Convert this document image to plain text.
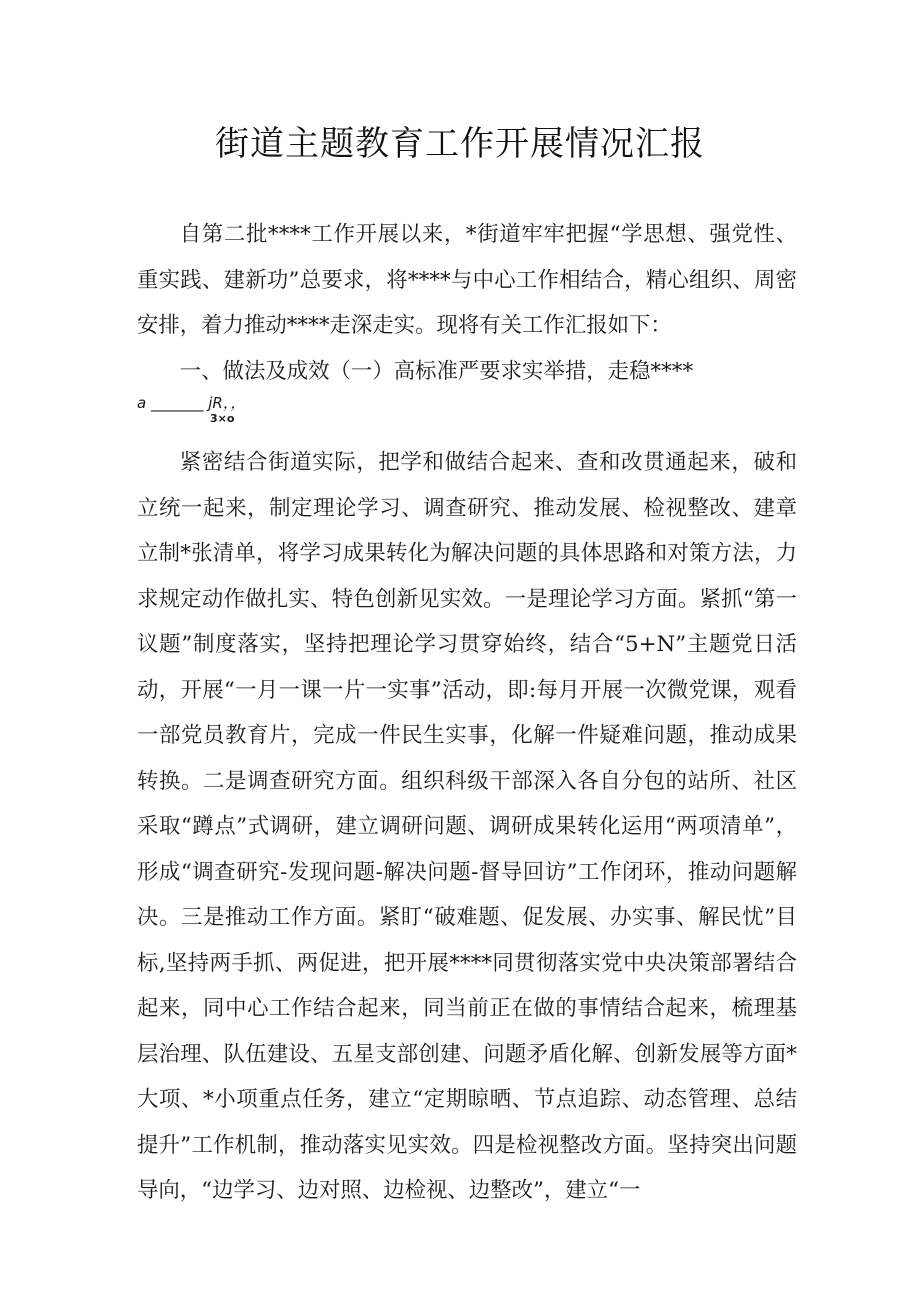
街道主题教育工作开展情况汇报

自第二批****工作开展以来，*街道牢牢把握“学思想、强党性、重实践、建新功”总要求，将****与中心工作相结合，精心组织、周密安排，着力推动****走深走实。现将有关工作汇报如下：

一、做法及成效（一）高标准严要求实举措，走稳****

a _______ jR，，
3×o

紧密结合街道实际，把学和做结合起来、查和改贯通起来，破和立统一起来，制定理论学习、调查研究、推动发展、检视整改、建章立制*张清单，将学习成果转化为解决问题的具体思路和对策方法，力求规定动作做扎实、特色创新见实效。一是理论学习方面。紧抓“第一议题”制度落实，坚持把理论学习贯穿始终，结合“5+N”主题党日活动，开展“一月一课一片一实事”活动，即:每月开展一次微党课，观看一部党员教育片，完成一件民生实事，化解一件疑难问题，推动成果转换。二是调查研究方面。组织科级干部深入各自分包的站所、社区采取“蹲点”式调研，建立调研问题、调研成果转化运用“两项清单”，形成“调查研究-发现问题-解决问题-督导回访”工作闭环，推动问题解决。三是推动工作方面。紧盯“破难题、促发展、办实事、解民忧”目标,坚持两手抓、两促进，把开展****同贯彻落实党中央决策部署结合起来，同中心工作结合起来，同当前正在做的事情结合起来，梳理基层治理、队伍建设、五星支部创建、问题矛盾化解、创新发展等方面*大项、*小项重点任务，建立“定期晾晒、节点追踪、动态管理、总结提升”工作机制，推动落实见实效。四是检视整改方面。坚持突出问题导向，“边学习、边对照、边检视、边整改”，建立“一
